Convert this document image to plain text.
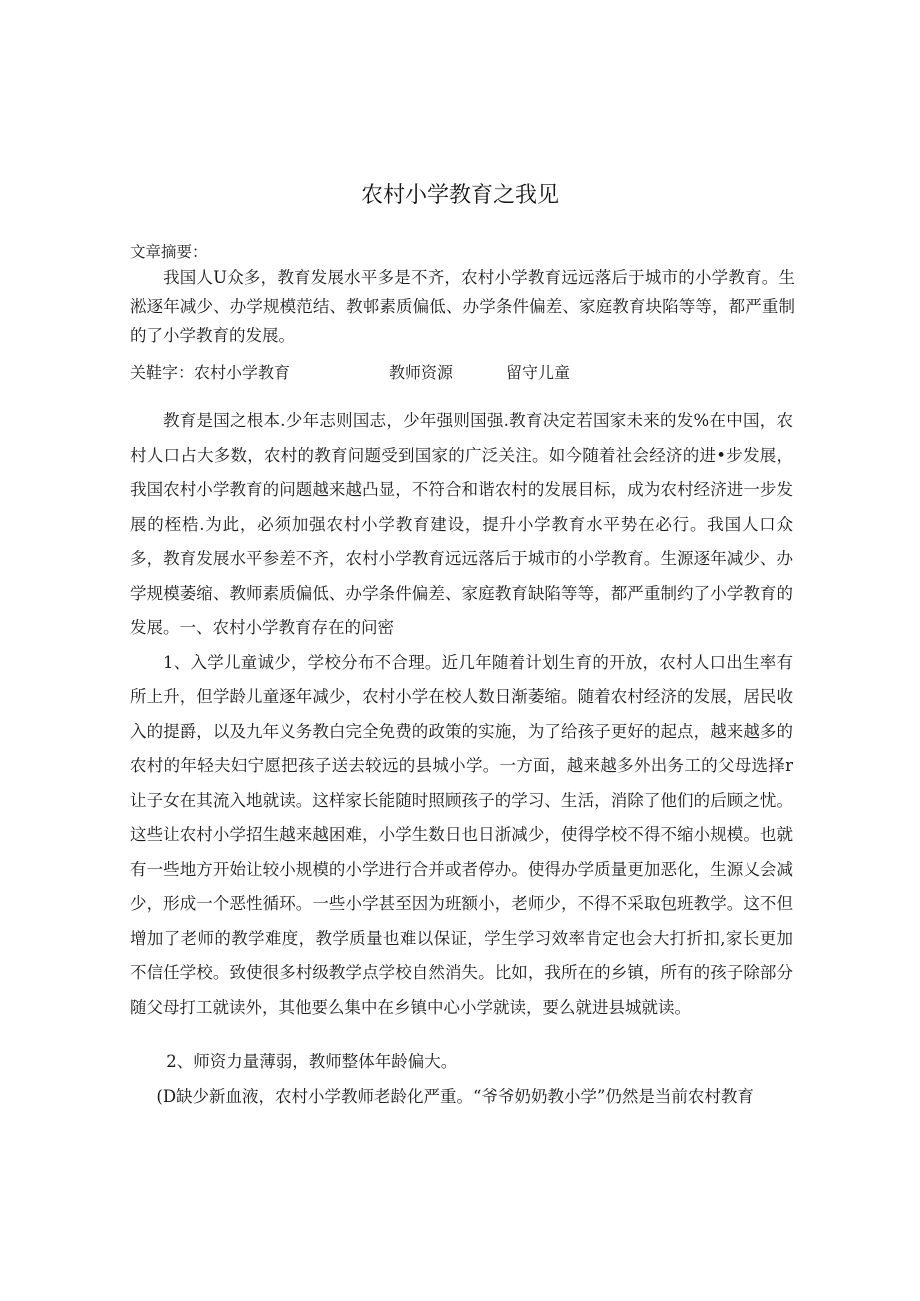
农村小学教育之我见
文章摘要：
我国人U众多，教育发展水平多是不齐，农村小学教育远远落后于城市的小学教育。生淞逐年减少、办学规模范结、教邨素质偏低、办学条件偏差、家庭教育块陷等等，都严重制的了小学教育的发展。
关鞋字：农村小学教育	教师资源	留守儿童

教育是国之根本.少年志则国志，少年强则国强.教育决定若国家未来的发%在中国，农村人口占大多数，农村的教育问题受到国家的广泛关注。如今随着社会经济的进•步发展，我国农村小学教育的问题越来越凸显，不符合和谐农村的发展目标，成为农村经济进一步发展的桎梏.为此，必须加强农村小学教育建设，提升小学教育水平势在必行。我国人口众多，教育发展水平参差不齐，农村小学教育远远落后于城市的小学教育。生源逐年减少、办学规模萎缩、教师素质偏低、办学条件偏差、家庭教育缺陷等等，都严重制约了小学教育的发展。一、农村小学教育存在的问密

1、入学儿童诚少，学校分布不合理。近几年随着计划生育的开放，农村人口出生率有所上升，但学龄儿童逐年减少，农村小学在校人数日渐萎缩。随着农村经济的发展，居民收入的提爵，以及九年义务教白完全免费的政策的实施，为了给孩子更好的起点，越来越多的农村的年轻夫妇宁愿把孩子送去较远的县城小学。一方面，越来越多外出务工的父母选择r让子女在其流入地就读。这样家长能随时照顾孩子的学习、生活，消除了他们的后顾之忧。这些让农村小学招生越来越困难，小学生数日也日浙减少，使得学校不得不缩小规模。也就有一些地方开始让较小规模的小学进行合并或者停办。使得办学质量更加恶化，生源乂会减少，形成一个恶性循环。一些小学甚至因为班额小，老师少，不得不采取包班教学。这不但增加了老师的教学难度，教学质量也难以保证，学生学习效率肯定也会大打折扣,家长更加不信任学校。致使很多村级教学点学校自然消失。比如，我所在的乡镇，所有的孩子除部分随父母打工就读外，其他要么集中在乡镇中心小学就读，要么就进县城就读。

2、师资力量薄弱，教师整体年龄偏大。

(D缺少新血液，农村小学教师老龄化严重。“爷爷奶奶教小学”仍然是当前农村教育
